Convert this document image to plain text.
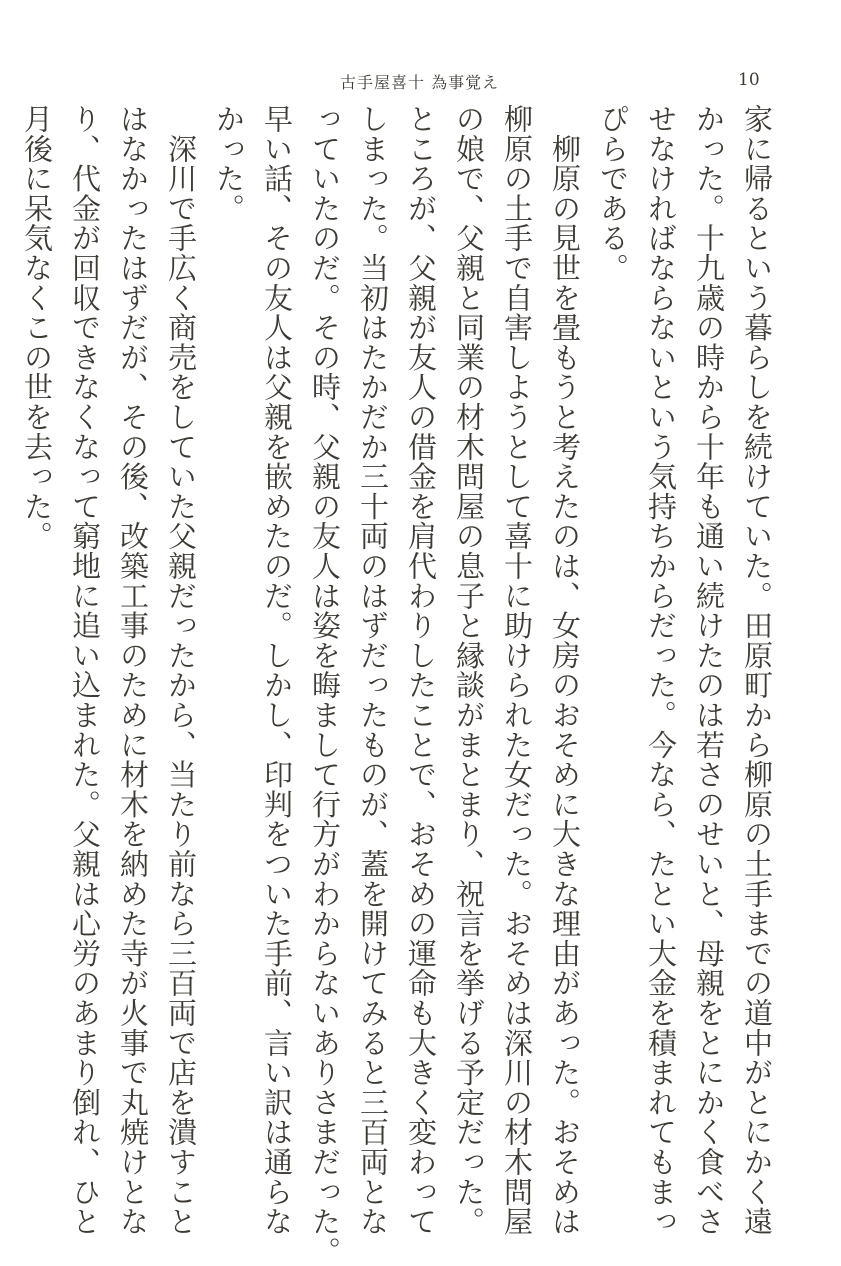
古手屋喜十 為事覚え	10
家に帰るという暮らしを続けていた。田原町から柳原の土手までの道中がとにかく遠
かった。十九歳の時から十年も通い続けたのは若さのせいと、母親をとにかく食べさ
せなければならないという気持ちからだった。今なら、たとい大金を積まれてもまっ
ぴらである。
　柳原の見世を畳もうと考えたのは、女房のおそめに大きな理由があった。おそめは
柳原の土手で自害しようとして喜十に助けられた女だった。おそめは深川の材木問屋
の娘で、父親と同業の材木問屋の息子と縁談がまとまり、祝言を挙げる予定だった。
ところが、父親が友人の借金を肩代わりしたことで、おそめの運命も大きく変わって
しまった。当初はたかだか三十両のはずだったものが、蓋を開けてみると三百両とな
っていたのだ。その時、父親の友人は姿を晦まして行方がわからないありさまだった。
早い話、その友人は父親を嵌めたのだ。しかし、印判をついた手前、言い訳は通らな
かった。
　深川で手広く商売をしていた父親だったから、当たり前なら三百両で店を潰すこと
はなかったはずだが、その後、改築工事のために材木を納めた寺が火事で丸焼けとな
り、代金が回収できなくなって窮地に追い込まれた。父親は心労のあまり倒れ、ひと
月後に呆気なくこの世を去った。
